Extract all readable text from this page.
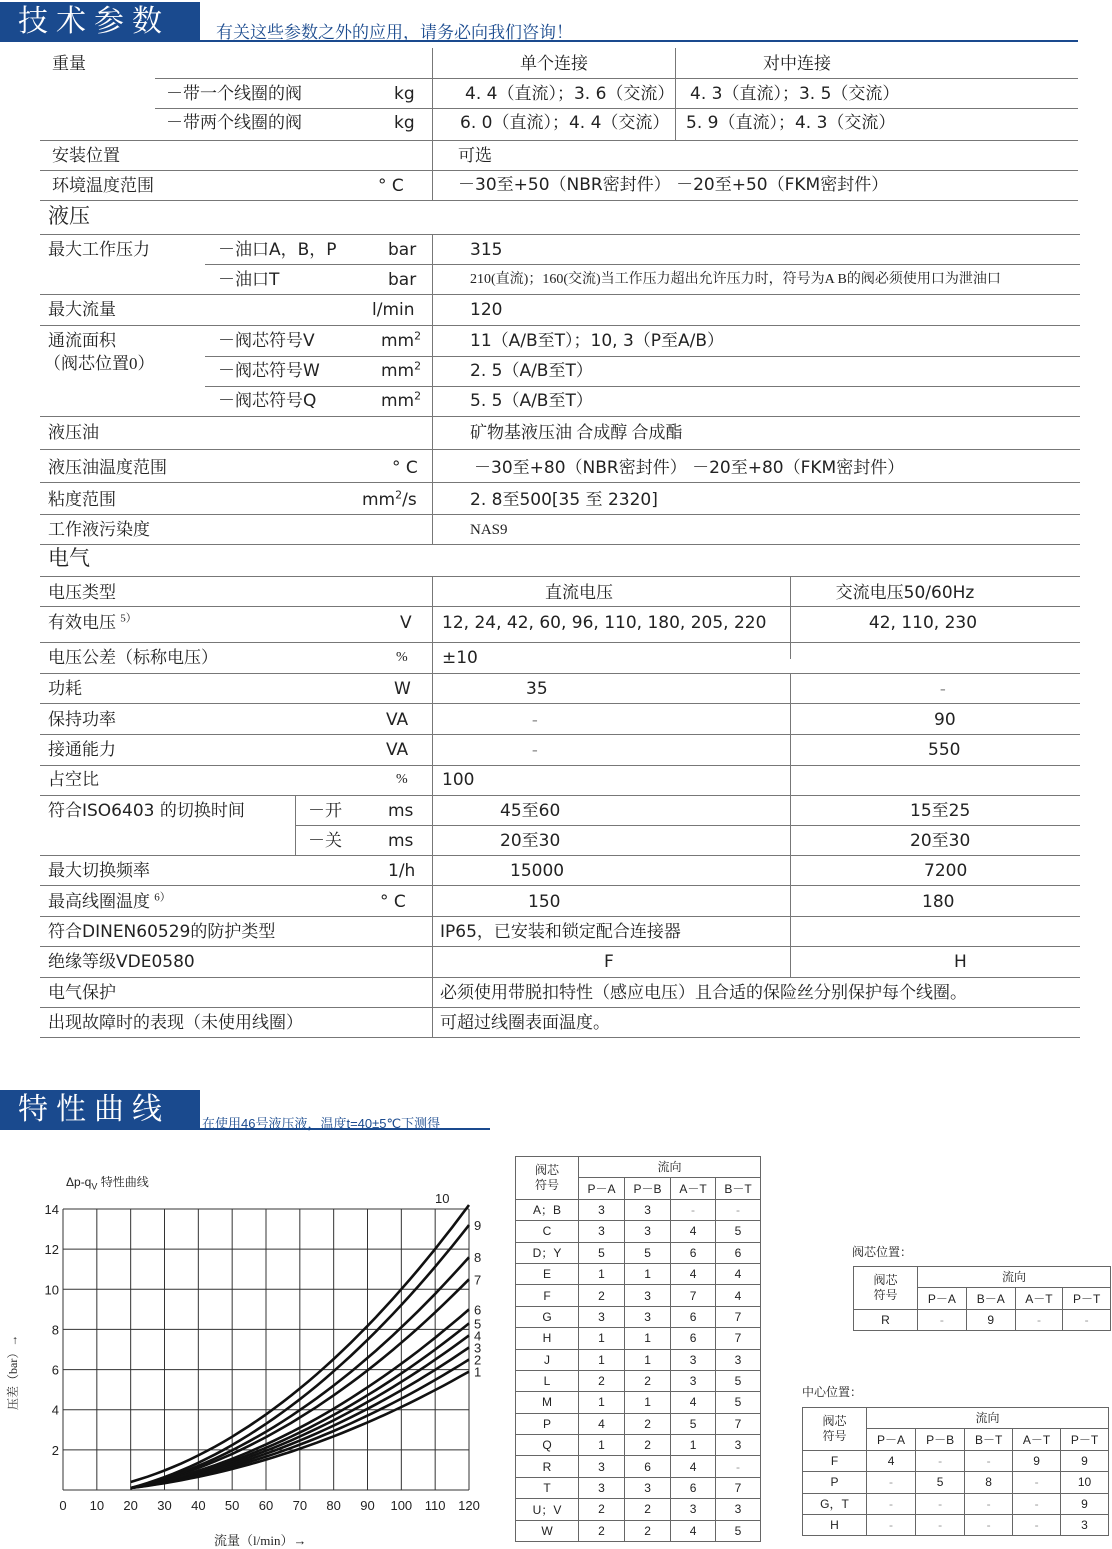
技术参数	有关这些参数之外的应用，请务必向我们咨询！
重量	单个连接	对中连接
－带一个线圈的阀	kg	4. 4（直流）；3. 6（交流） 4. 3（直流）；3. 5（交流）
－带两个线圈的阀	kg	6. 0（直流）；4. 4（交流） 5. 9（直流）；4. 3（交流）
安装位置	可选
环境温度范围	° C	－30至+50（NBR密封件） －20至+50（FKM密封件）
液压
最大工作压力	－油口A，B，P	bar	315
－油口T	bar	210(直流)；160(交流)当工作压力超出允许压力时，符号为A B的阀必须使用口为泄油口
最大流量	l/min	120
通流面积
（阀芯位置0）
－阀芯符号V	$mm^2$	11（A/B至T）；10, 3（P至A/B）
－阀芯符号W	$mm^2$	2. 5（A/B至T）
－阀芯符号Q	$mm^2$	5. 5（A/B至T）
液压油	矿物基液压油 合成醇 合成酯
液压油温度范围	° C	－30至+80（NBR密封件） －20至+80（FKM密封件）
粘度范围	$mm^2/s$	2. 8至500[35 至 2320]
工作液污染度	NAS9
电气
电压类型	直流电压	交流电压50/60Hz
有效电压 $^{5)}$	V 12, 24, 42, 60, 96, 110, 180, 205, 220	42, 110, 230
电压公差（标称电压）	% ±10
功耗	W	35	-
保持功率	VA	-	90
接通能力	VA	-	550
占空比	% 100
符合ISO6403 的切换时间	－开	ms	45至60	15至25
－关	ms	20至30	20至30
最大切换频率	1/h	15000	7200
最高线圈温度 $^{6)}$	° C	150	180
符合DINEN60529的防护类型	IP65，已安装和锁定配合连接器
绝缘等级VDE0580	F	H
电气保护	必须使用带脱扣特性（感应电压）且合适的保险丝分别保护每个线圈。
出现故障时的表现（未使用线圈）	可超过线圈表面温度。
特性曲线	在使用46号液压液，温度t=40±5℃下测得
$\Delta p-q_V$ 特性曲线
压差（bar）→
流量（l/min）→
0 10 20 30 40 50 60 70 80 90 100 110 120
2
4
6
8
10
12
14
1
2
3
4
5
6
7
8
9
10
阀芯
符号	流向			
	P－A	P－B	A－T	B－T
A；B	3	3	-	-
C	3	3	4	5
D；Y	5	5	6	6
E	1	1	4	4
F	2	3	7	4
G	3	3	6	7
H	1	1	6	7
J	1	1	3	3
L	2	2	3	5
M	1	1	4	5
P	4	2	5	7
Q	1	2	1	3
R	3	6	4	-
T	3	3	6	7
U；V	2	2	3	3
W	2	2	4	5
阀芯位置：
阀芯
符号	流向			
	P－A	B－A	A－T	P－T
R	-	9	-	-
中心位置：
阀芯
符号	流向				
	P－A	P－B	B－T	A－T	P－T
F	4	-	-	9	9
P	-	5	8	-	10
G，T	-	-	-	-	9
H	-	-	-	-	3
